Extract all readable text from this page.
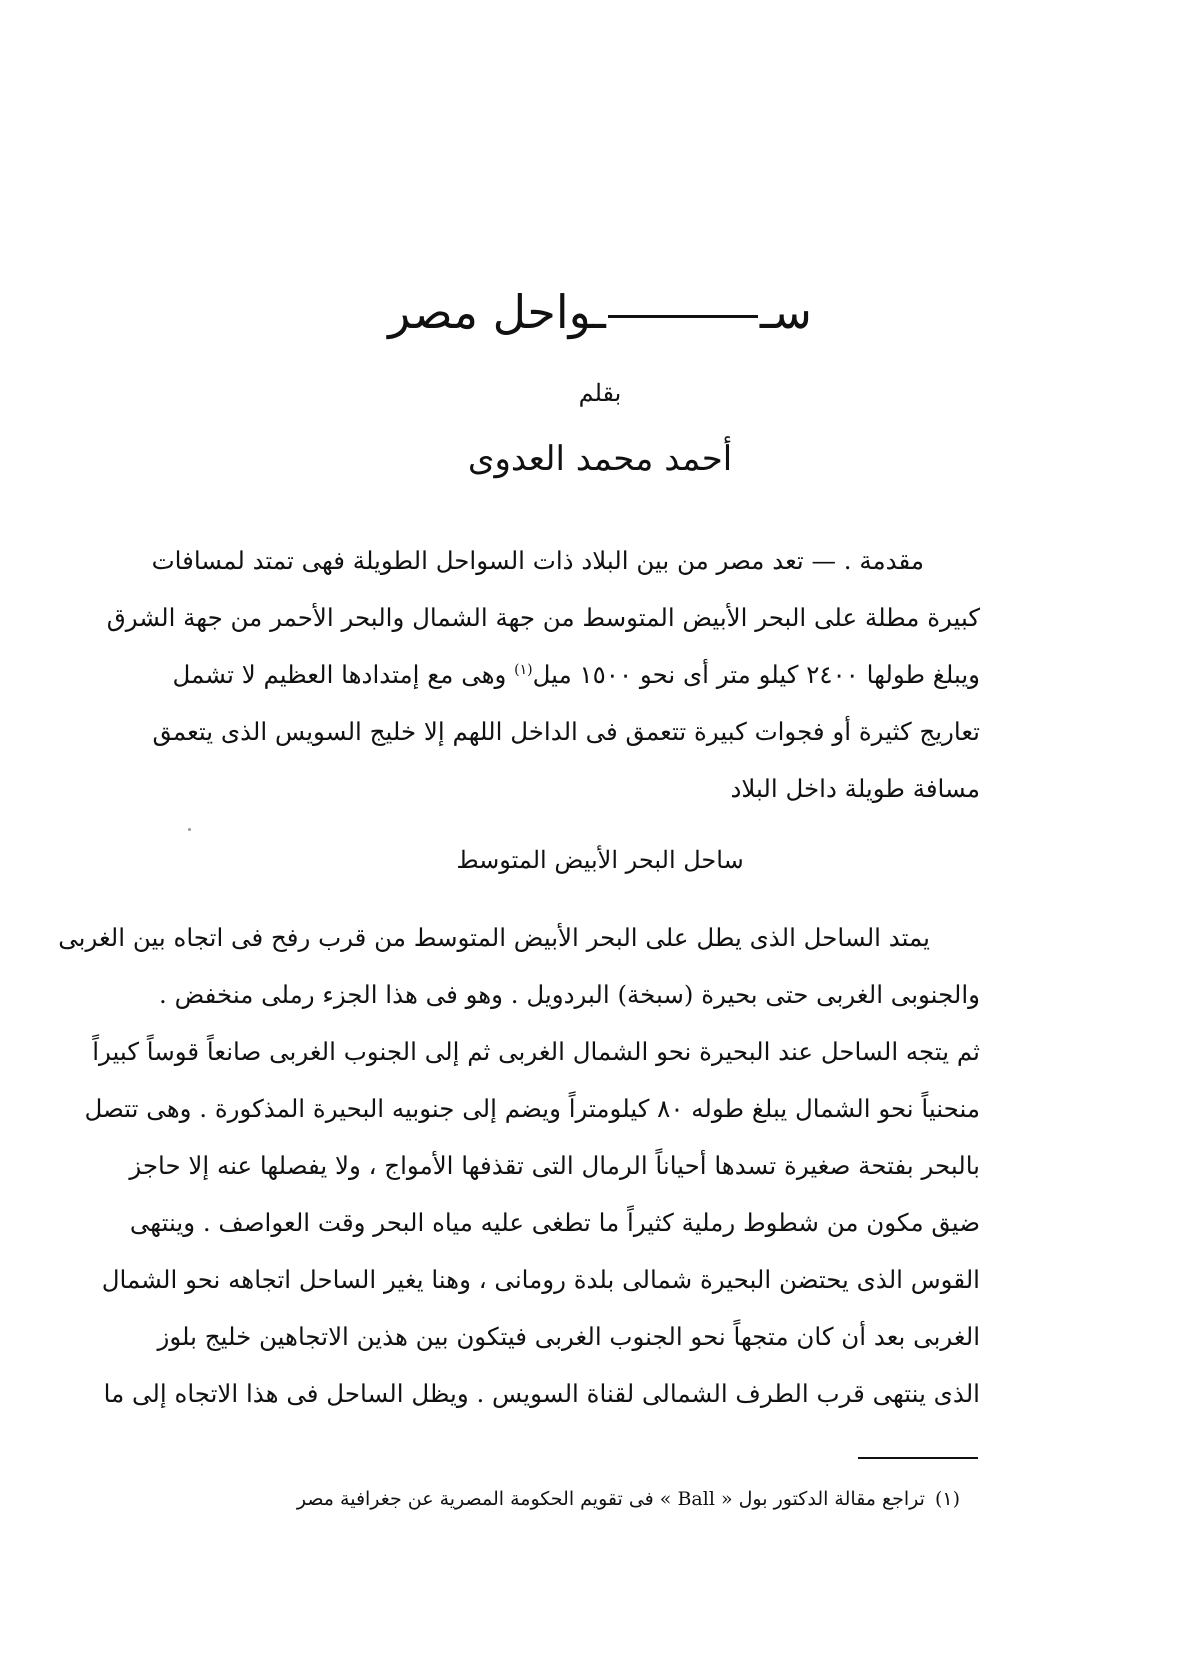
ســواحل مصر
بقلم
أحمد محمد العدوى
مقدمة . — تعد مصر من بين البلاد ذات السواحل الطويلة فهى تمتد لمسافات
كبيرة مطلة على البحر الأبيض المتوسط من جهة الشمال والبحر الأحمر من جهة الشرق
ويبلغ طولها ٢٤٠٠ كيلو متر أى نحو ١٥٠٠ ميل$^{(١)}$ وهى مع إمتدادها العظيم لا تشمل
تعاريج كثيرة أو فجوات كبيرة تتعمق فى الداخل اللهم إلا خليج السويس الذى يتعمق
مسافة طويلة داخل البلاد
ساحل البحر الأبيض المتوسط
يمتد الساحل الذى يطل على البحر الأبيض المتوسط من قرب رفح فى اتجاه بين الغربى
والجنوبى الغربى حتى بحيرة (سبخة) البردويل . وهو فى هذا الجزء رملى منخفض .
ثم يتجه الساحل عند البحيرة نحو الشمال الغربى ثم إلى الجنوب الغربى صانعاً قوساً كبيراً
منحنياً نحو الشمال يبلغ طوله ٨٠ كيلومتراً ويضم إلى جنوبيه البحيرة المذكورة . وهى تتصل
بالبحر بفتحة صغيرة تسدها أحياناً الرمال التى تقذفها الأمواج ، ولا يفصلها عنه إلا حاجز
ضيق مكون من شطوط رملية كثيراً ما تطغى عليه مياه البحر وقت العواصف . وينتهى
القوس الذى يحتضن البحيرة شمالى بلدة رومانى ، وهنا يغير الساحل اتجاهه نحو الشمال
الغربى بعد أن كان متجهاً نحو الجنوب الغربى فيتكون بين هذين الاتجاهين خليج بلوز
الذى ينتهى قرب الطرف الشمالى لقناة السويس . ويظل الساحل فى هذا الاتجاه إلى ما
(١)تراجع مقالة الدكتور بول « Ball » فى تقويم الحكومة المصرية عن جغرافية مصر
